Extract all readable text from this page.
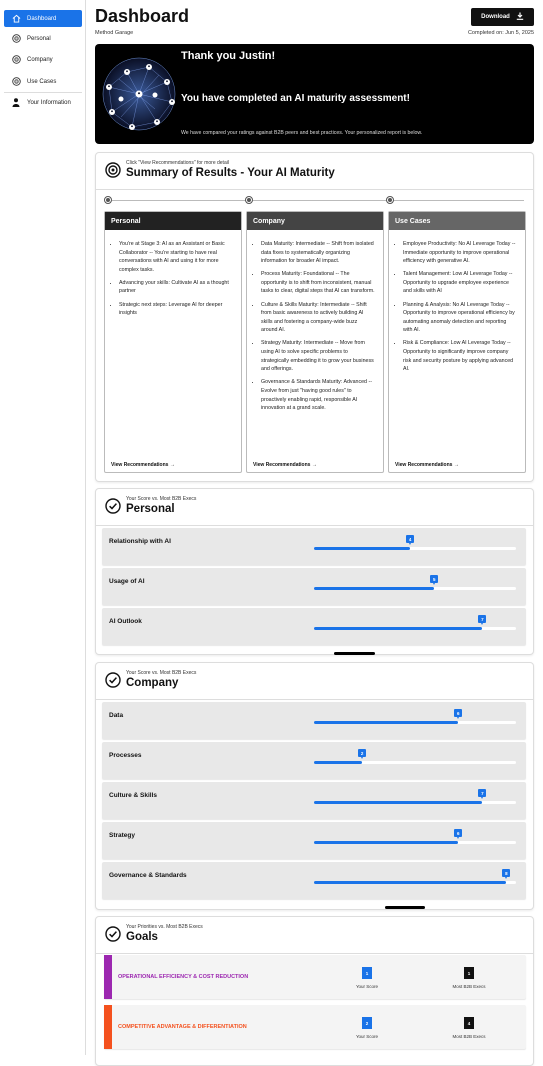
Dashboard
Personal
Company
Use Cases
Your Information
Dashboard
Method Garage
Download
Completed on: Jun 5, 2025
Thank you Justin!
You have completed an AI maturity assessment!
We have compared your ratings against B2B peers and best practices. Your personalized report is below.
Click "View Recommendations" for more detail
Summary of Results - Your AI Maturity
Personal
• You're at Stage 3: AI as an Assistant or Basic Collaborator -- You're starting to have real conversations with AI and using it for more complex tasks.
• Advancing your skills: Cultivate AI as a thought partner
• Strategic next steps: Leverage AI for deeper insights
View Recommendations →
Company
• Data Maturity: Intermediate -- Shift from isolated data fixes to systematically organizing information for broader AI impact.
• Process Maturity: Foundational -- The opportunity is to shift from inconsistent, manual tasks to clear, digital steps that AI can transform.
• Culture & Skills Maturity: Intermediate -- Shift from basic awareness to actively building AI skills and fostering a company-wide buzz around AI.
• Strategy Maturity: Intermediate -- Move from using AI to solve specific problems to strategically embedding it to grow your business and offerings.
• Governance & Standards Maturity: Advanced -- Evolve from just "having good rules" to proactively enabling rapid, responsible AI innovation at a grand scale.
View Recommendations →
Use Cases
• Employee Productivity: No AI Leverage Today -- Immediate opportunity to improve operational efficiency with generative AI.
• Talent Management: Low AI Leverage Today -- Opportunity to upgrade employee experience and skills with AI
• Planning & Analysis: No AI Leverage Today -- Opportunity to improve operational efficiency by automating anomaly detection and reporting with AI.
• Risk & Compliance: Low AI Leverage Today -- Opportunity to significantly improve company risk and security posture by applying advanced AI.
View Recommendations →
Your Score vs. Most B2B Execs
Personal
Relationship with AI	4
Usage of AI	5
AI Outlook	7
Your Score vs. Most B2B Execs
Company
Data	6
Processes	2
Culture & Skills	7
Strategy	6
Governance & Standards	8
Your Priorities vs. Most B2B Execs
Goals
OPERATIONAL EFFICIENCY & COST REDUCTION
1
Your Score
1
Most B2B Execs
COMPETITIVE ADVANTAGE & DIFFERENTIATION
2
Your Score
4
Most B2B Execs
